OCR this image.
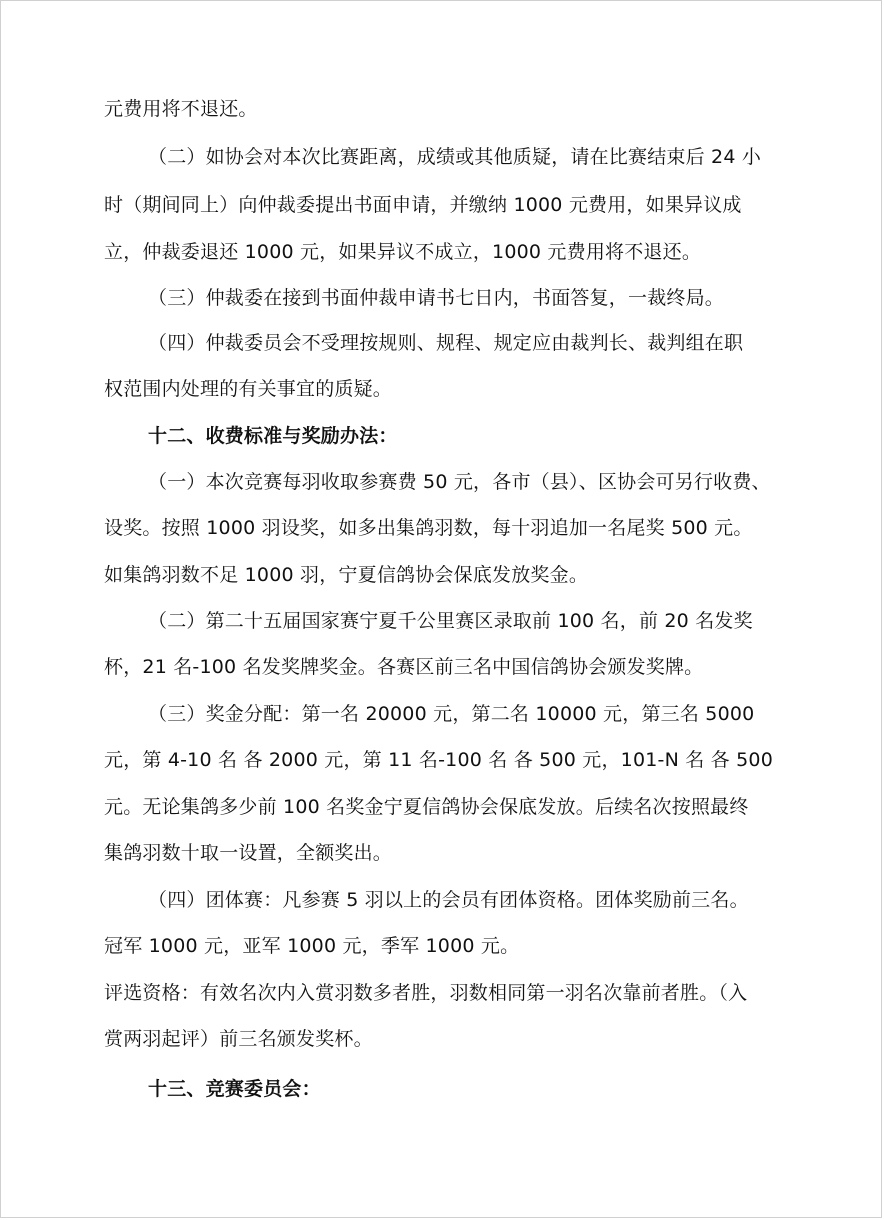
元费用将不退还。
（二）如协会对本次比赛距离，成绩或其他质疑，请在比赛结束后 24 小
时（期间同上）向仲裁委提出书面申请，并缴纳 1000 元费用，如果异议成
立，仲裁委退还 1000 元，如果异议不成立，1000 元费用将不退还。
（三）仲裁委在接到书面仲裁申请书七日内，书面答复，一裁终局。
（四）仲裁委员会不受理按规则、规程、规定应由裁判长、裁判组在职
权范围内处理的有关事宜的质疑。
十二、收费标准与奖励办法：
（一）本次竞赛每羽收取参赛费 50 元，各市（县）、区协会可另行收费、
设奖。按照 1000 羽设奖，如多出集鸽羽数，每十羽追加一名尾奖 500 元。
如集鸽羽数不足 1000 羽，宁夏信鸽协会保底发放奖金。
（二）第二十五届国家赛宁夏千公里赛区录取前 100 名，前 20 名发奖
杯，21 名-100 名发奖牌奖金。各赛区前三名中国信鸽协会颁发奖牌。
（三）奖金分配：第一名 20000 元，第二名 10000 元，第三名 5000
元，第 4-10 名 各 2000 元，第 11 名-100 名 各 500 元，101-N 名 各 500
元。无论集鸽多少前 100 名奖金宁夏信鸽协会保底发放。后续名次按照最终
集鸽羽数十取一设置，全额奖出。
（四）团体赛：凡参赛 5 羽以上的会员有团体资格。团体奖励前三名。
冠军 1000 元，亚军 1000 元，季军 1000 元。
评选资格：有效名次内入赏羽数多者胜，羽数相同第一羽名次靠前者胜。（入
赏两羽起评）前三名颁发奖杯。
十三、竞赛委员会：
